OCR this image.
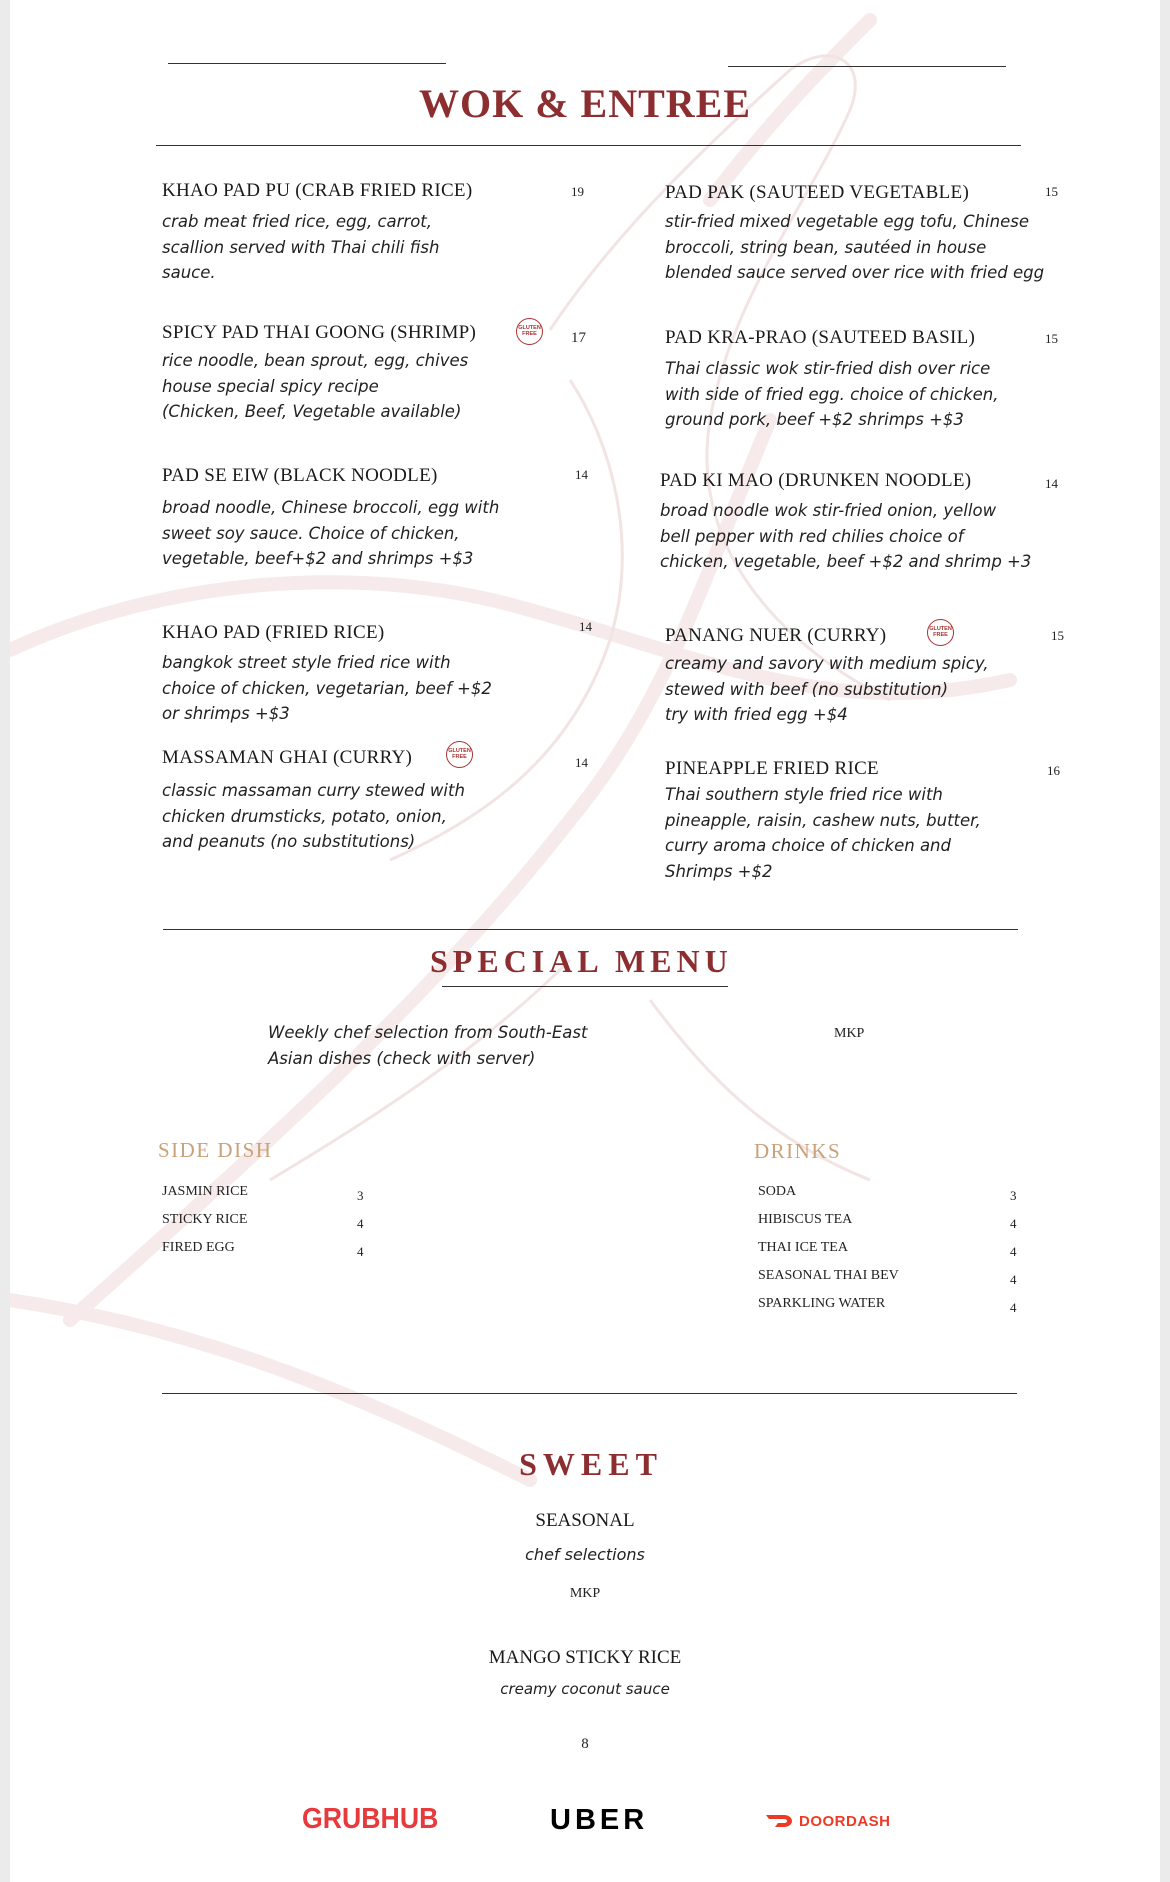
WOK & ENTREE
KHAO PAD PU (CRAB FRIED RICE)	19
crab meat fried rice, egg, carrot,
scallion served with Thai chili fish
sauce.
PAD PAK (SAUTEED VEGETABLE)	15
stir-fried mixed vegetable egg tofu, Chinese
broccoli, string bean, sautéed in house
blended sauce served over rice with fried egg
SPICY PAD THAI GOONG (SHRIMP)	GLUTEN
FREE	17
rice noodle, bean sprout, egg, chives
house special spicy recipe
(Chicken, Beef, Vegetable available)
PAD KRA-PRAO (SAUTEED BASIL)	15
Thai classic wok stir-fried dish over rice
with side of fried egg. choice of chicken,
ground pork, beef +$2 shrimps +$3
PAD SE EIW (BLACK NOODLE)	14
broad noodle, Chinese broccoli, egg with
sweet soy sauce. Choice of chicken,
vegetable, beef+$2 and shrimps +$3
PAD KI MAO (DRUNKEN NOODLE)	14
broad noodle wok stir-fried onion, yellow
bell pepper with red chilies choice of
chicken, vegetable, beef +$2 and shrimp +3
KHAO PAD (FRIED RICE)	14
bangkok street style fried rice with
choice of chicken, vegetarian, beef +$2
or shrimps +$3
PANANG NUER (CURRY)	GLUTEN
FREE	15
creamy and savory with medium spicy,
stewed with beef (no substitution)
try with fried egg +$4
MASSAMAN GHAI (CURRY)	GLUTEN
FREE	14
classic massaman curry stewed with
chicken drumsticks, potato, onion,
and peanuts (no substitutions)
PINEAPPLE FRIED RICE	16
Thai southern style fried rice with
pineapple, raisin, cashew nuts, butter,
curry aroma choice of chicken and
Shrimps +$2
SPECIAL MENU
Weekly chef selection from South-East
Asian dishes (check with server)
MKP
SIDE DISH
JASMIN RICE	3
STICKY RICE	4
FIRED EGG	4
DRINKS
SODA	3
HIBISCUS TEA	4
THAI ICE TEA	4
SEASONAL THAI BEV	4
SPARKLING WATER	4
SWEET
SEASONAL
chef selections
MKP
MANGO STICKY RICE
creamy coconut sauce
8
GRUBHUB	UBER	DOORDASH
